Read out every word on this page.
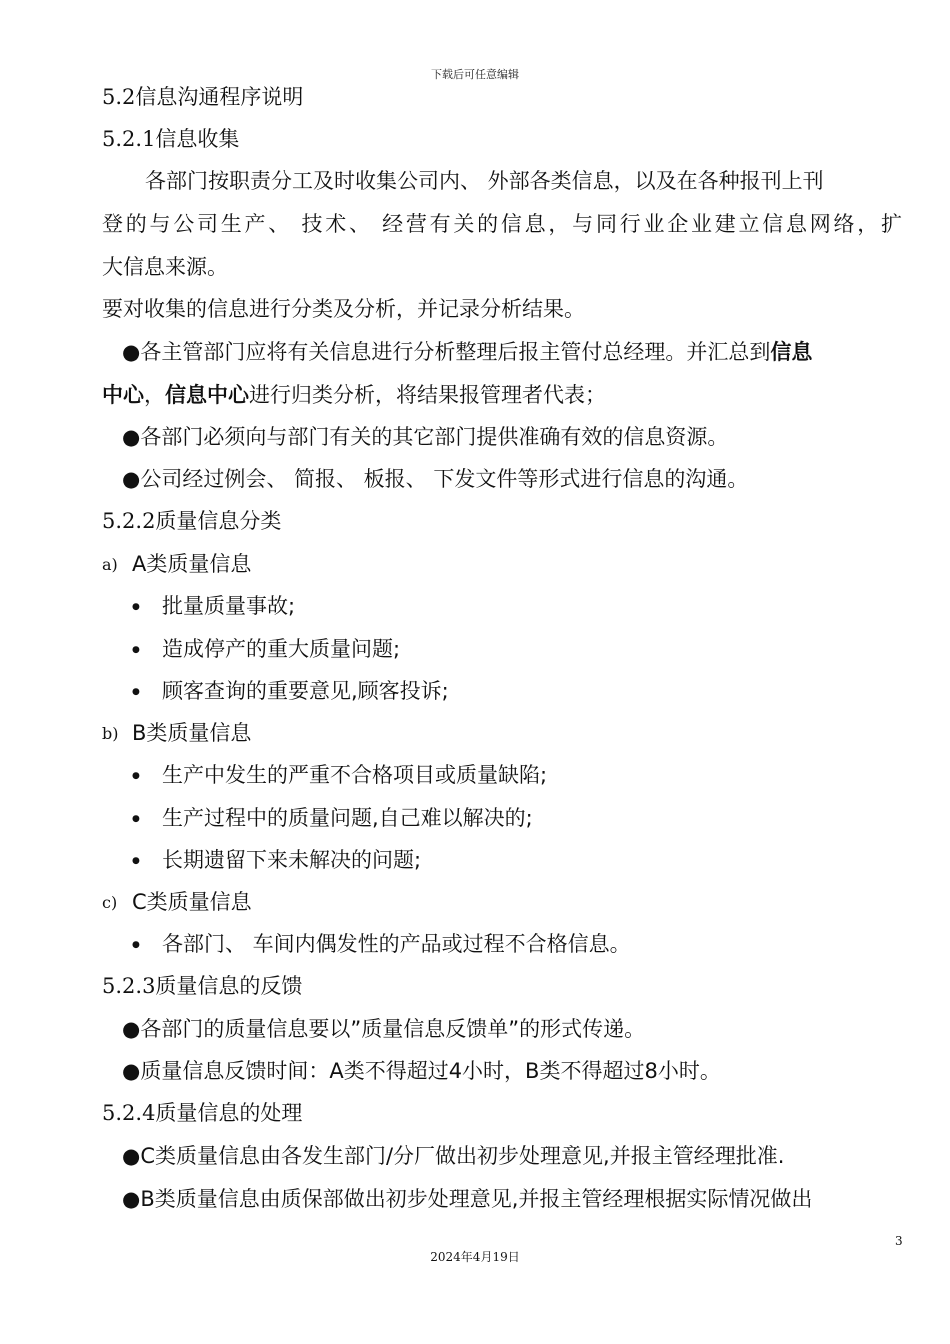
下载后可任意编辑
5.2信息沟通程序说明
5.2.1信息收集
各部门按职责分工及时收集公司内、 外部各类信息，以及在各种报刊上刊
登的与公司生产、 技术、 经营有关的信息，与同行业企业建立信息网络，扩
大信息来源。
要对收集的信息进行分类及分析，并记录分析结果。
●各主管部门应将有关信息进行分析整理后报主管付总经理。并汇总到信息
中心，信息中心进行归类分析，将结果报管理者代表；
●各部门必须向与部门有关的其它部门提供准确有效的信息资源。
●公司经过例会、 简报、 板报、 下发文件等形式进行信息的沟通。
5.2.2质量信息分类
a) A类质量信息
●
批量质量事故;
●
造成停产的重大质量问题;
●
顾客查询的重要意见,顾客投诉;
b) B类质量信息
●
生产中发生的严重不合格项目或质量缺陷;
●
生产过程中的质量问题,自己难以解决的;
●
长期遗留下来未解决的问题;
c) C类质量信息
●
各部门、 车间内偶发性的产品或过程不合格信息。
5.2.3质量信息的反馈
●各部门的质量信息要以”质量信息反馈单”的形式传递。
●质量信息反馈时间：A类不得超过4小时，B类不得超过8小时。
5.2.4质量信息的处理
●C类质量信息由各发生部门/分厂做出初步处理意见,并报主管经理批准.
●B类质量信息由质保部做出初步处理意见,并报主管经理根据实际情况做出
3
2024年4月19日
